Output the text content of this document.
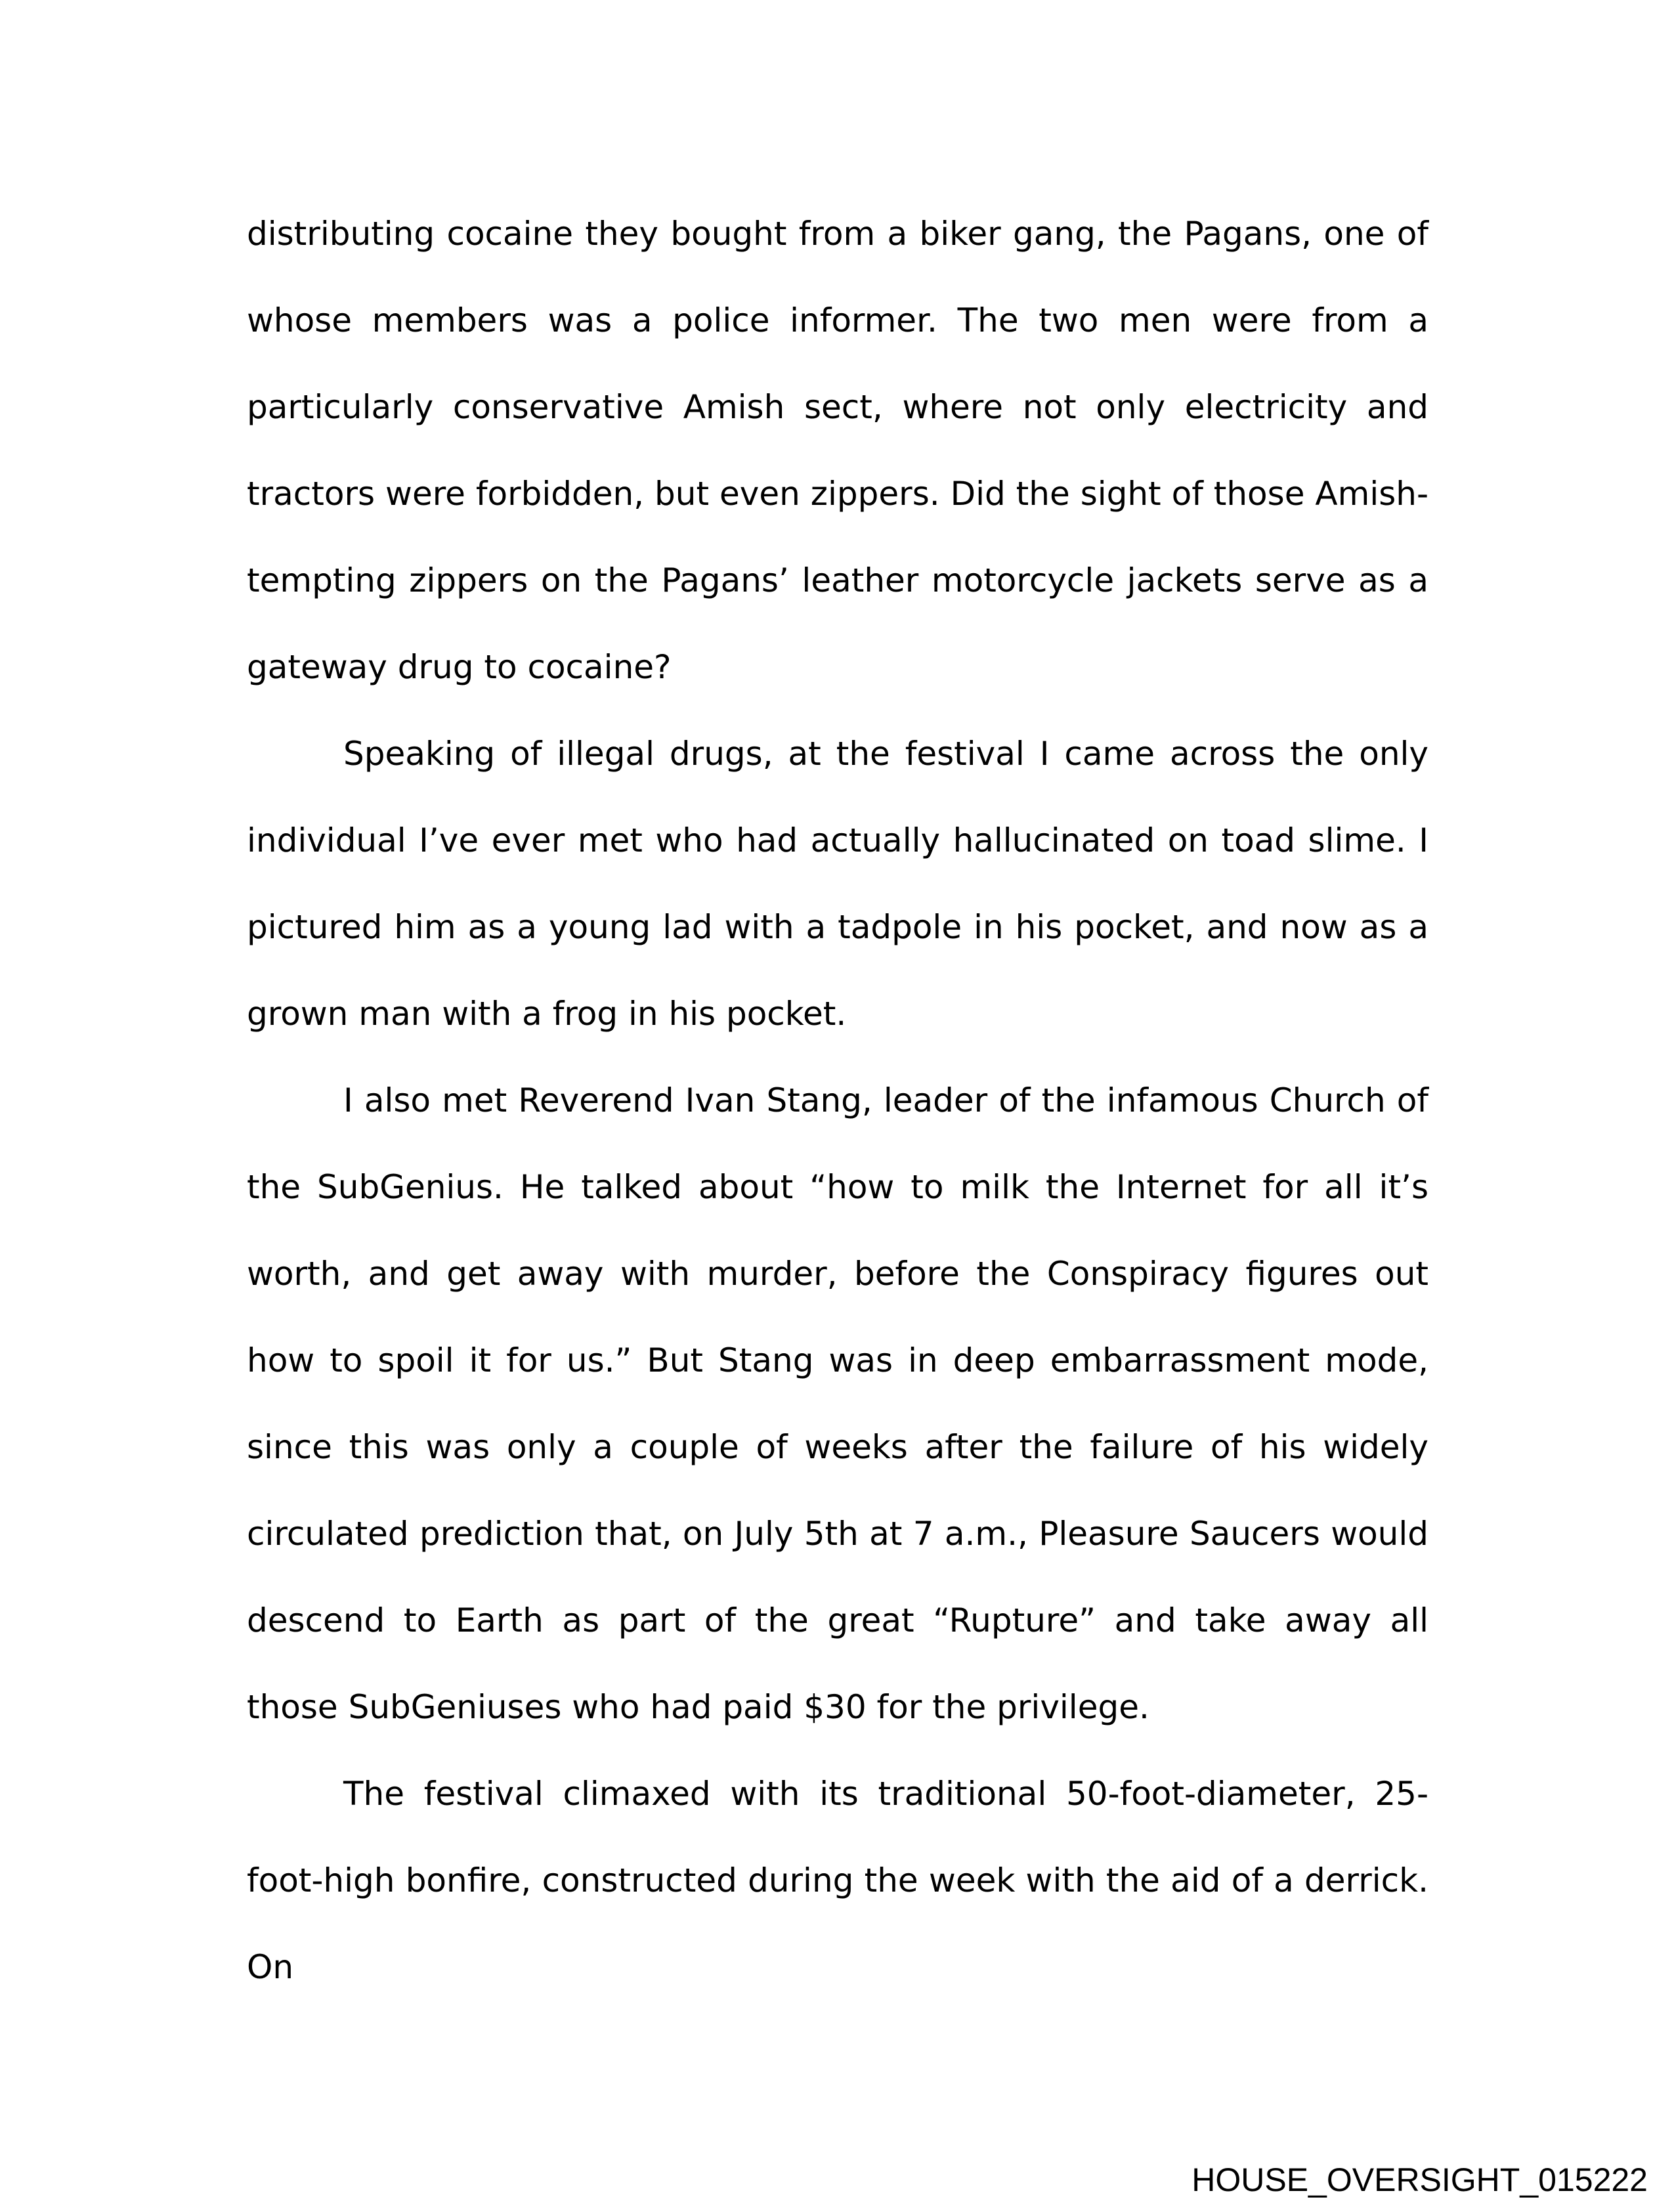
distributing cocaine they bought from a biker gang, the Pagans, one of whose members was a police informer. The two men were from a particularly conservative Amish sect, where not only electricity and tractors were forbidden, but even zippers. Did the sight of those Amish-tempting zippers on the Pagans’ leather motorcycle jackets serve as a gateway drug to cocaine?

Speaking of illegal drugs, at the festival I came across the only individual I’ve ever met who had actually hallucinated on toad slime. I pictured him as a young lad with a tadpole in his pocket, and now as a grown man with a frog in his pocket.

I also met Reverend Ivan Stang, leader of the infamous Church of the SubGenius. He talked about “how to milk the Internet for all it’s worth, and get away with murder, before the Conspiracy figures out how to spoil it for us.” But Stang was in deep embarrassment mode, since this was only a couple of weeks after the failure of his widely circulated prediction that, on July 5th at 7 a.m., Pleasure Saucers would descend to Earth as part of the great “Rupture” and take away all those SubGeniuses who had paid $30 for the privilege.

The festival climaxed with its traditional 50-foot-diameter, 25-foot-high bonfire, constructed during the week with the aid of a derrick. On

HOUSE_OVERSIGHT_015222
